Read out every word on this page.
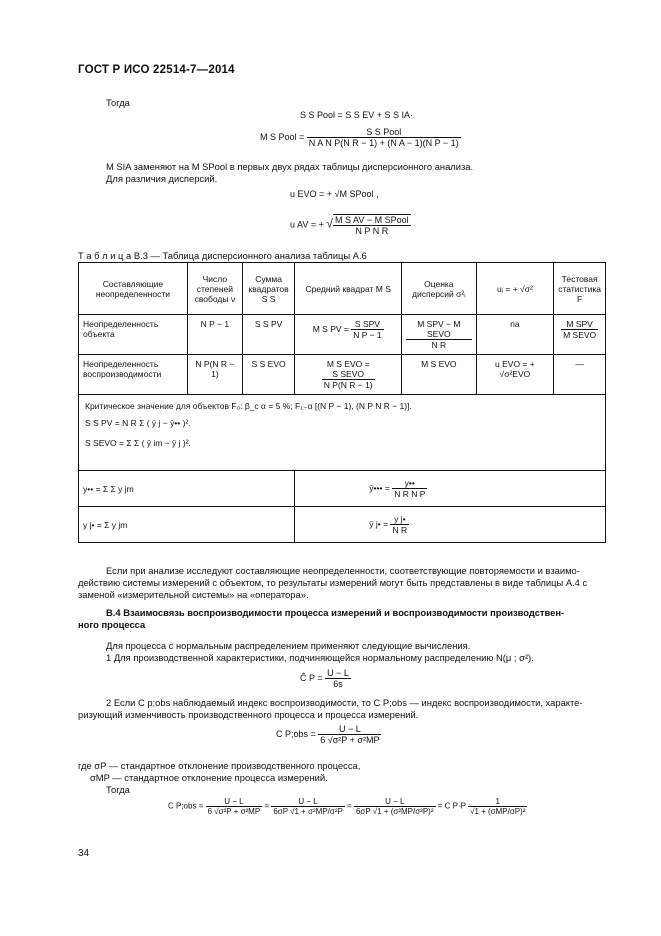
ГОСТ Р ИСО 22514-7—2014
Тогда
S S Pool = S S EV + S S IA·
M S Pool = $\frac{\text{S S Pool}}{\text{N A N P(N R − 1) + (N A − 1)(N P − 1)}}$
M SIA заменяют на M SPool в первых двух рядах таблицы дисперсионного анализа.
Для различия дисперсий.
u EVO = + √M SPool ,
u AV = + √ $\frac{\text{M S AV − M SPool}}{\text{N P N R}}$
Т а б л и ц а B.3 — Таблица дисперсионного анализа таблицы А.6
Составляющие неопределенности	Число степеней свободы ν	Сумма квадратов S S	Средний квадрат M S	Оценка дисперсий σ²ᵢ	uᵢ = + √σ²	Тестовая статистика F
Неопределенность объекта	N P − 1	S S PV	M S PV = $\frac{\text{S SPV}}{\text{N P − 1}}$	$\frac{\text{M SPV − M SEVO}}{\text{N R}}$	na	$\frac{\text{M SPV}}{\text{M SEVO}}$

Неопределенность воспроизводимости	N P(N R − 1)	S S EVO	M S EVO =
$\frac{\text{S SEVO}}{\text{N P(N R − 1)}}$	M S EVO	u EVO = + √σ²EVO	—

Критическое значение для объектов F₀: β_c α = 5 %; F₁₋α [(N P − 1), (N P N R − 1)].
S S PV = N R Σ ( ȳ j − ȳ•• )².
S SEVO = Σ Σ ( ȳ im − ȳ j )².						

y•• = Σ Σ y jm			ȳ••• = $\frac{y••}{\text{N R N P}}$

y j• = Σ y jm			ȳ j• = $\frac{\text{y j•}}{\text{N R}}$
Если при анализе исследуют составляющие неопределенности, соответствующие повторяемости и взаимо-
действию системы измерений с объектом, то результаты измерений могут быть представлены в виде таблицы А.4 с
заменой «измерительной системы» на «оператора».
B.4 Взаимосвязь воспроизводимости процесса измерений и воспроизводимости производствен-
ного процесса
Для процесса с нормальным распределением применяют следующие вычисления.
1 Для производственной характеристики, подчиняющейся нормальному распределению N(μ ; σ²).
Ĉ $P = \frac{U - L}{6s}$
2 Если C p;obs наблюдаемый индекс воспроизводимости, то C P;obs — индекс воспроизводимости, характе-
ризующий изменчивость производственного процесса и процесса измерений.
C P;obs = $\frac{U - L}{\text{6 √σ²P + σ²MP}}$
где σP — стандартное отклонение производственного процесса,
σMP — стандартное отклонение процесса измерений.
Тогда
C P;obs = $\frac{U - L}{\text{6 √σ²P + σ²MP}} = \frac{U - L}{\text{6σP √1 + σ²MP/σ²P}} = \frac{U - L}{\text{6σP √1 + (σ²MP/σ²P)²}} = C$ $P\cdot P \frac{1}{\text{√1 + (σMP/σP)²}}$
34
